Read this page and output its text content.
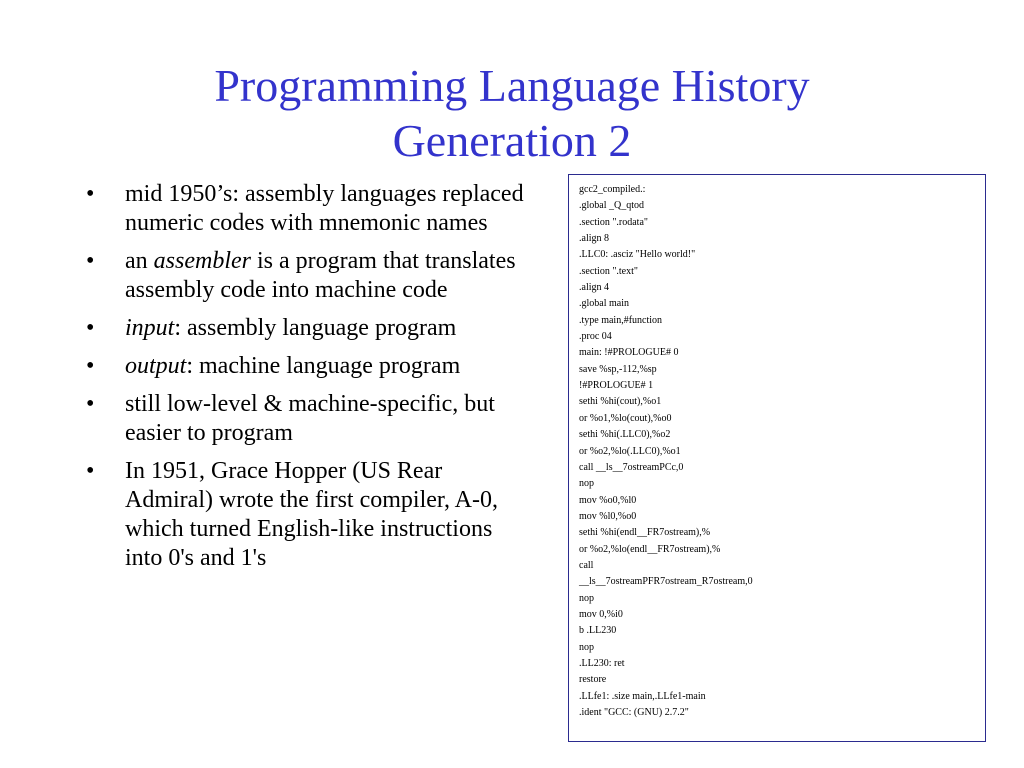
Programming Language History
Generation 2
• mid 1950’s: assembly languages replaced numeric codes with mnemonic names
• an assembler is a program that translates assembly code into machine code
• input: assembly language program
• output: machine language program
• still low-level & machine-specific, but easier to program
• In 1951, Grace Hopper (US Rear Admiral) wrote the first compiler, A-0, which turned English-like instructions into 0's and 1's
gcc2_compiled.:
.global _Q_qtod
.section ".rodata"
.align 8
.LLC0: .asciz "Hello world!"
.section ".text"
.align 4
.global main
.type main,#function
.proc 04
main: !#PROLOGUE# 0
save %sp,-112,%sp
!#PROLOGUE# 1
sethi %hi(cout),%o1
or %o1,%lo(cout),%o0
sethi %hi(.LLC0),%o2
or %o2,%lo(.LLC0),%o1
call __ls__7ostreamPCc,0
nop
mov %o0,%l0
mov %l0,%o0
sethi %hi(endl__FR7ostream),%
or %o2,%lo(endl__FR7ostream),%
call
__ls__7ostreamPFR7ostream_R7ostream,0
nop
mov 0,%i0
b .LL230
nop
.LL230: ret
restore
.LLfe1: .size main,.LLfe1-main
.ident "GCC: (GNU) 2.7.2"
